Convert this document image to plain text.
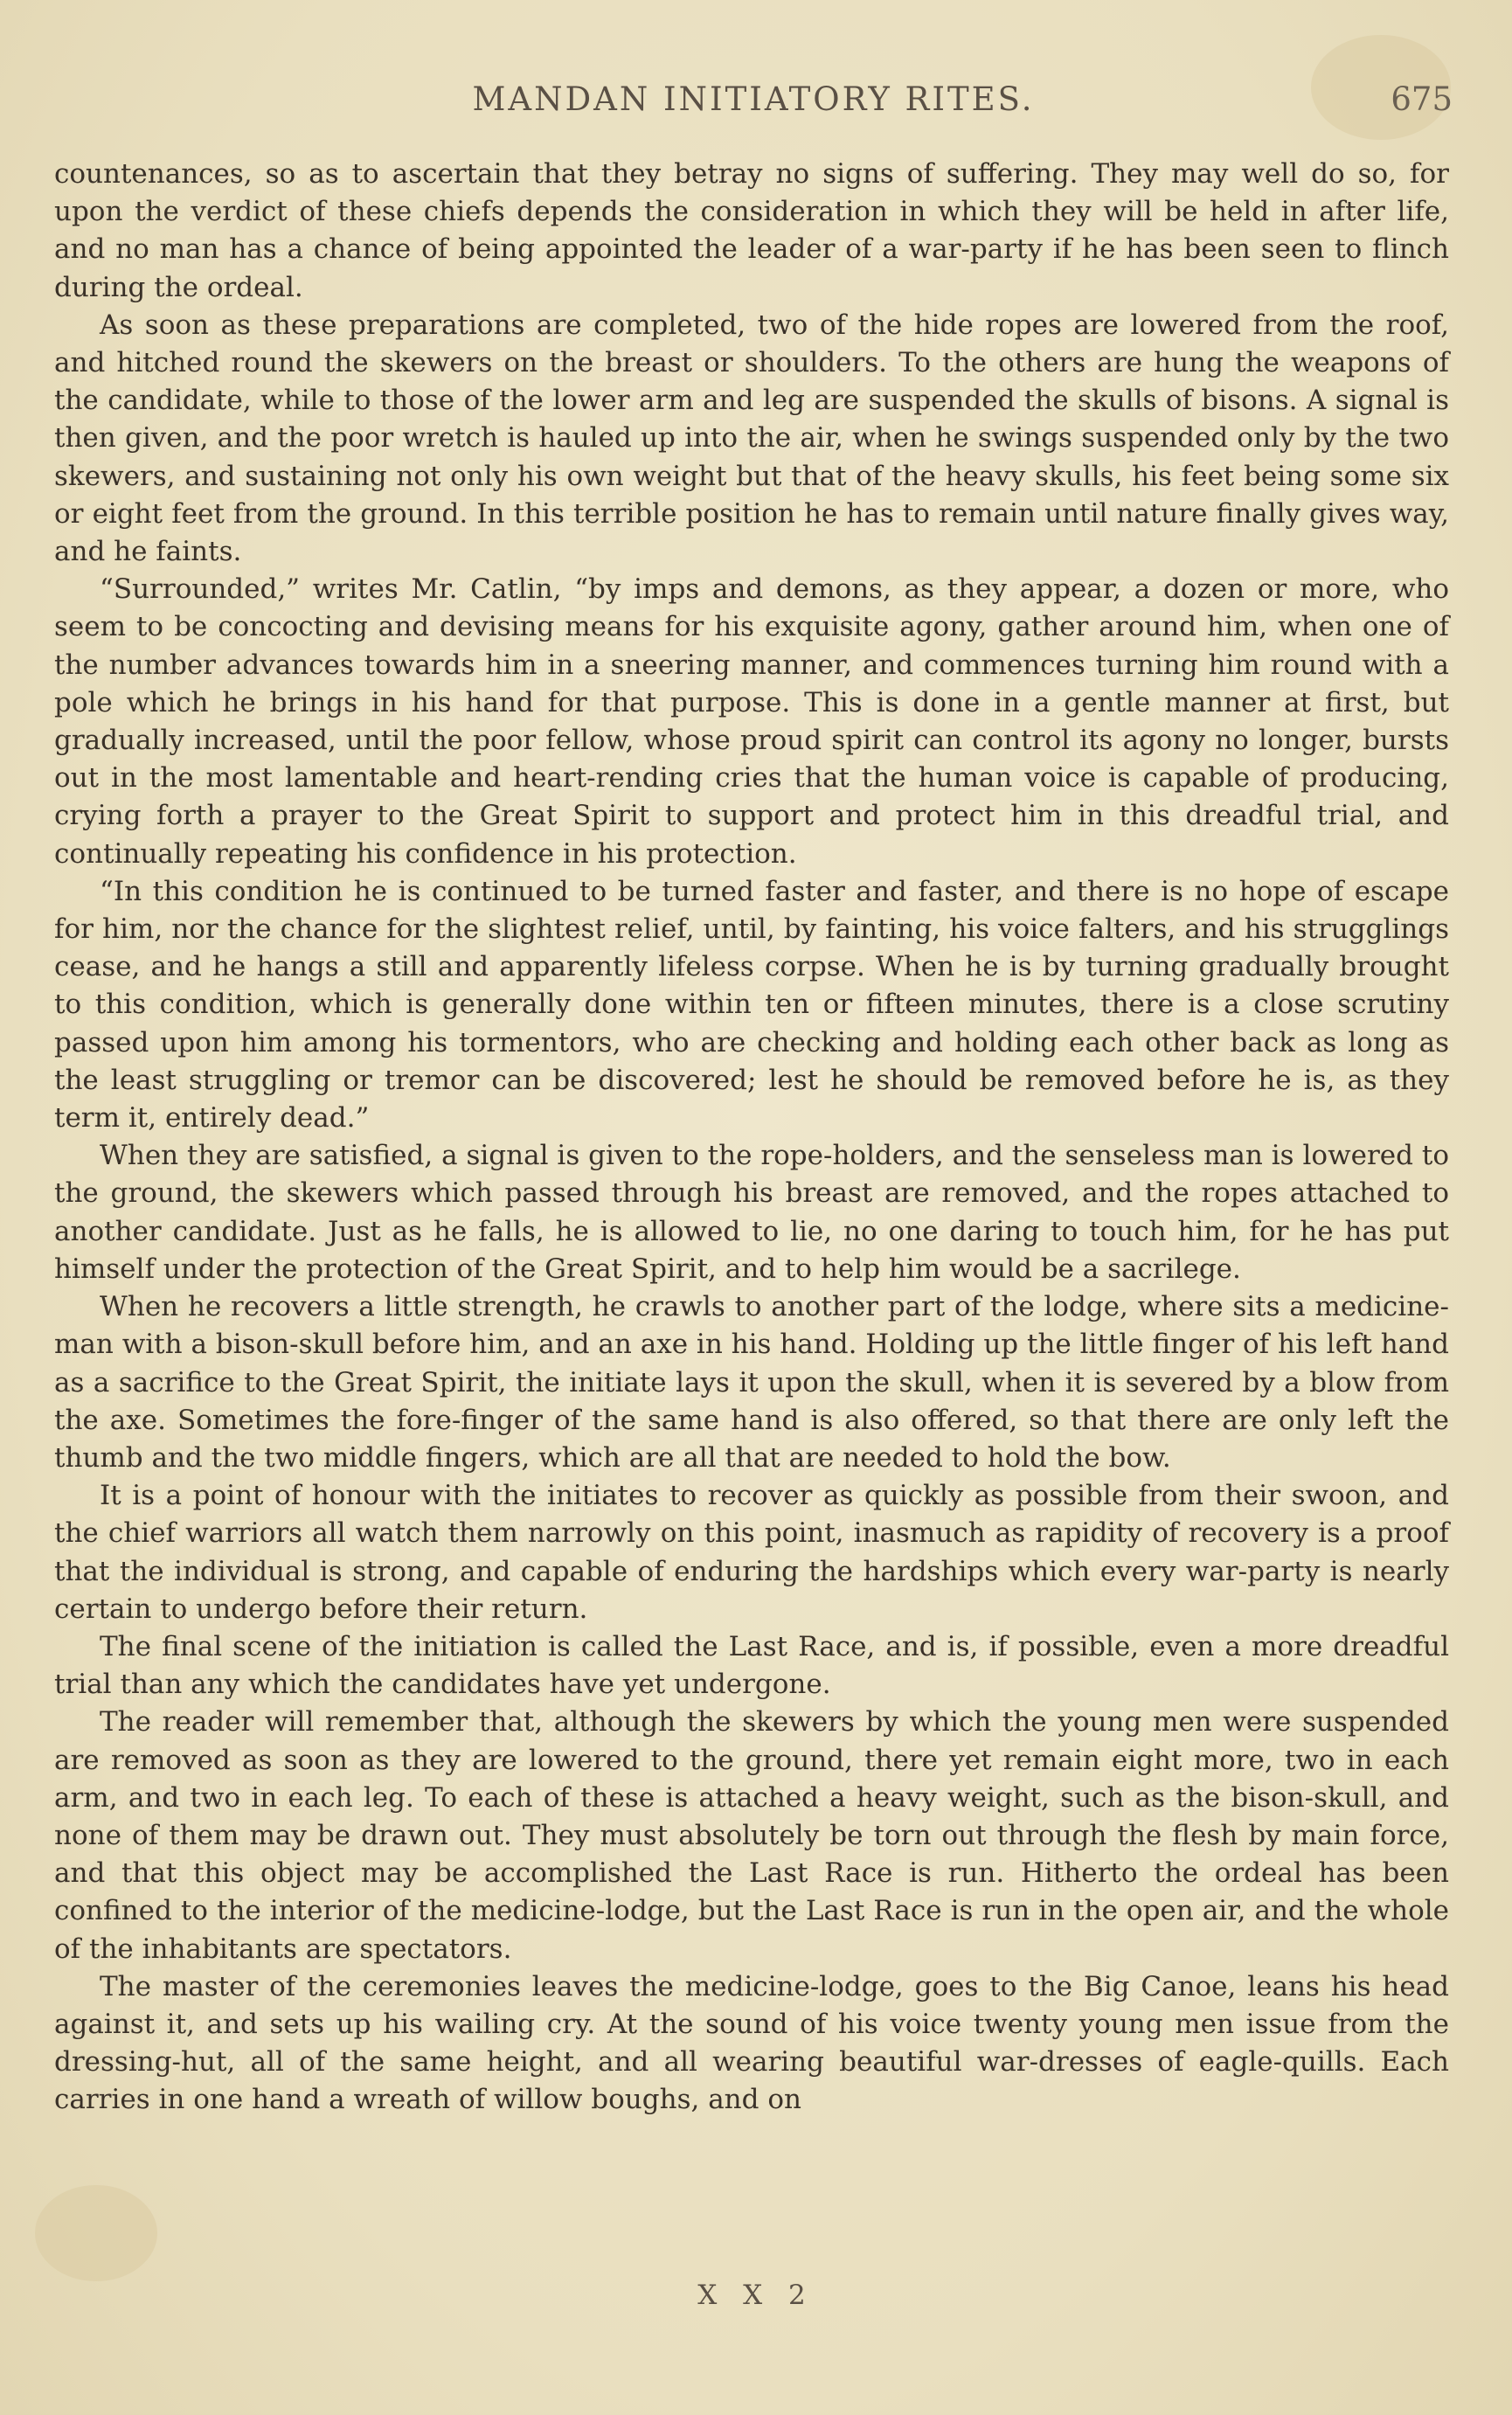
MANDAN INITIATORY RITES.	675

countenances, so as to ascertain that they betray no signs of suffering. They may well do so, for upon the verdict of these chiefs depends the consideration in which they will be held in after life, and no man has a chance of being appointed the leader of a war-party if he has been seen to flinch during the ordeal.

As soon as these preparations are completed, two of the hide ropes are lowered from the roof, and hitched round the skewers on the breast or shoulders. To the others are hung the weapons of the candidate, while to those of the lower arm and leg are suspended the skulls of bisons. A signal is then given, and the poor wretch is hauled up into the air, when he swings suspended only by the two skewers, and sustaining not only his own weight but that of the heavy skulls, his feet being some six or eight feet from the ground. In this terrible position he has to remain until nature finally gives way, and he faints.

“Surrounded,” writes Mr. Catlin, “by imps and demons, as they appear, a dozen or more, who seem to be concocting and devising means for his exquisite agony, gather around him, when one of the number advances towards him in a sneering manner, and commences turning him round with a pole which he brings in his hand for that purpose. This is done in a gentle manner at first, but gradually increased, until the poor fellow, whose proud spirit can control its agony no longer, bursts out in the most lamentable and heart-rending cries that the human voice is capable of producing, crying forth a prayer to the Great Spirit to support and protect him in this dreadful trial, and continually repeating his confidence in his protection.

“In this condition he is continued to be turned faster and faster, and there is no hope of escape for him, nor the chance for the slightest relief, until, by fainting, his voice falters, and his strugglings cease, and he hangs a still and apparently lifeless corpse. When he is by turning gradually brought to this condition, which is generally done within ten or fifteen minutes, there is a close scrutiny passed upon him among his tormentors, who are checking and holding each other back as long as the least struggling or tremor can be discovered; lest he should be removed before he is, as they term it, entirely dead.”

When they are satisfied, a signal is given to the rope-holders, and the senseless man is lowered to the ground, the skewers which passed through his breast are removed, and the ropes attached to another candidate. Just as he falls, he is allowed to lie, no one daring to touch him, for he has put himself under the protection of the Great Spirit, and to help him would be a sacrilege.

When he recovers a little strength, he crawls to another part of the lodge, where sits a medicine-man with a bison-skull before him, and an axe in his hand. Holding up the little finger of his left hand as a sacrifice to the Great Spirit, the initiate lays it upon the skull, when it is severed by a blow from the axe. Sometimes the fore-finger of the same hand is also offered, so that there are only left the thumb and the two middle fingers, which are all that are needed to hold the bow.

It is a point of honour with the initiates to recover as quickly as possible from their swoon, and the chief warriors all watch them narrowly on this point, inasmuch as rapidity of recovery is a proof that the individual is strong, and capable of enduring the hardships which every war-party is nearly certain to undergo before their return.

The final scene of the initiation is called the Last Race, and is, if possible, even a more dreadful trial than any which the candidates have yet undergone.

The reader will remember that, although the skewers by which the young men were suspended are removed as soon as they are lowered to the ground, there yet remain eight more, two in each arm, and two in each leg. To each of these is attached a heavy weight, such as the bison-skull, and none of them may be drawn out. They must absolutely be torn out through the flesh by main force, and that this object may be accomplished the Last Race is run. Hitherto the ordeal has been confined to the interior of the medicine-lodge, but the Last Race is run in the open air, and the whole of the inhabitants are spectators.

The master of the ceremonies leaves the medicine-lodge, goes to the Big Canoe, leans his head against it, and sets up his wailing cry. At the sound of his voice twenty young men issue from the dressing-hut, all of the same height, and all wearing beautiful war-dresses of eagle-quills. Each carries in one hand a wreath of willow boughs, and on

X X 2
